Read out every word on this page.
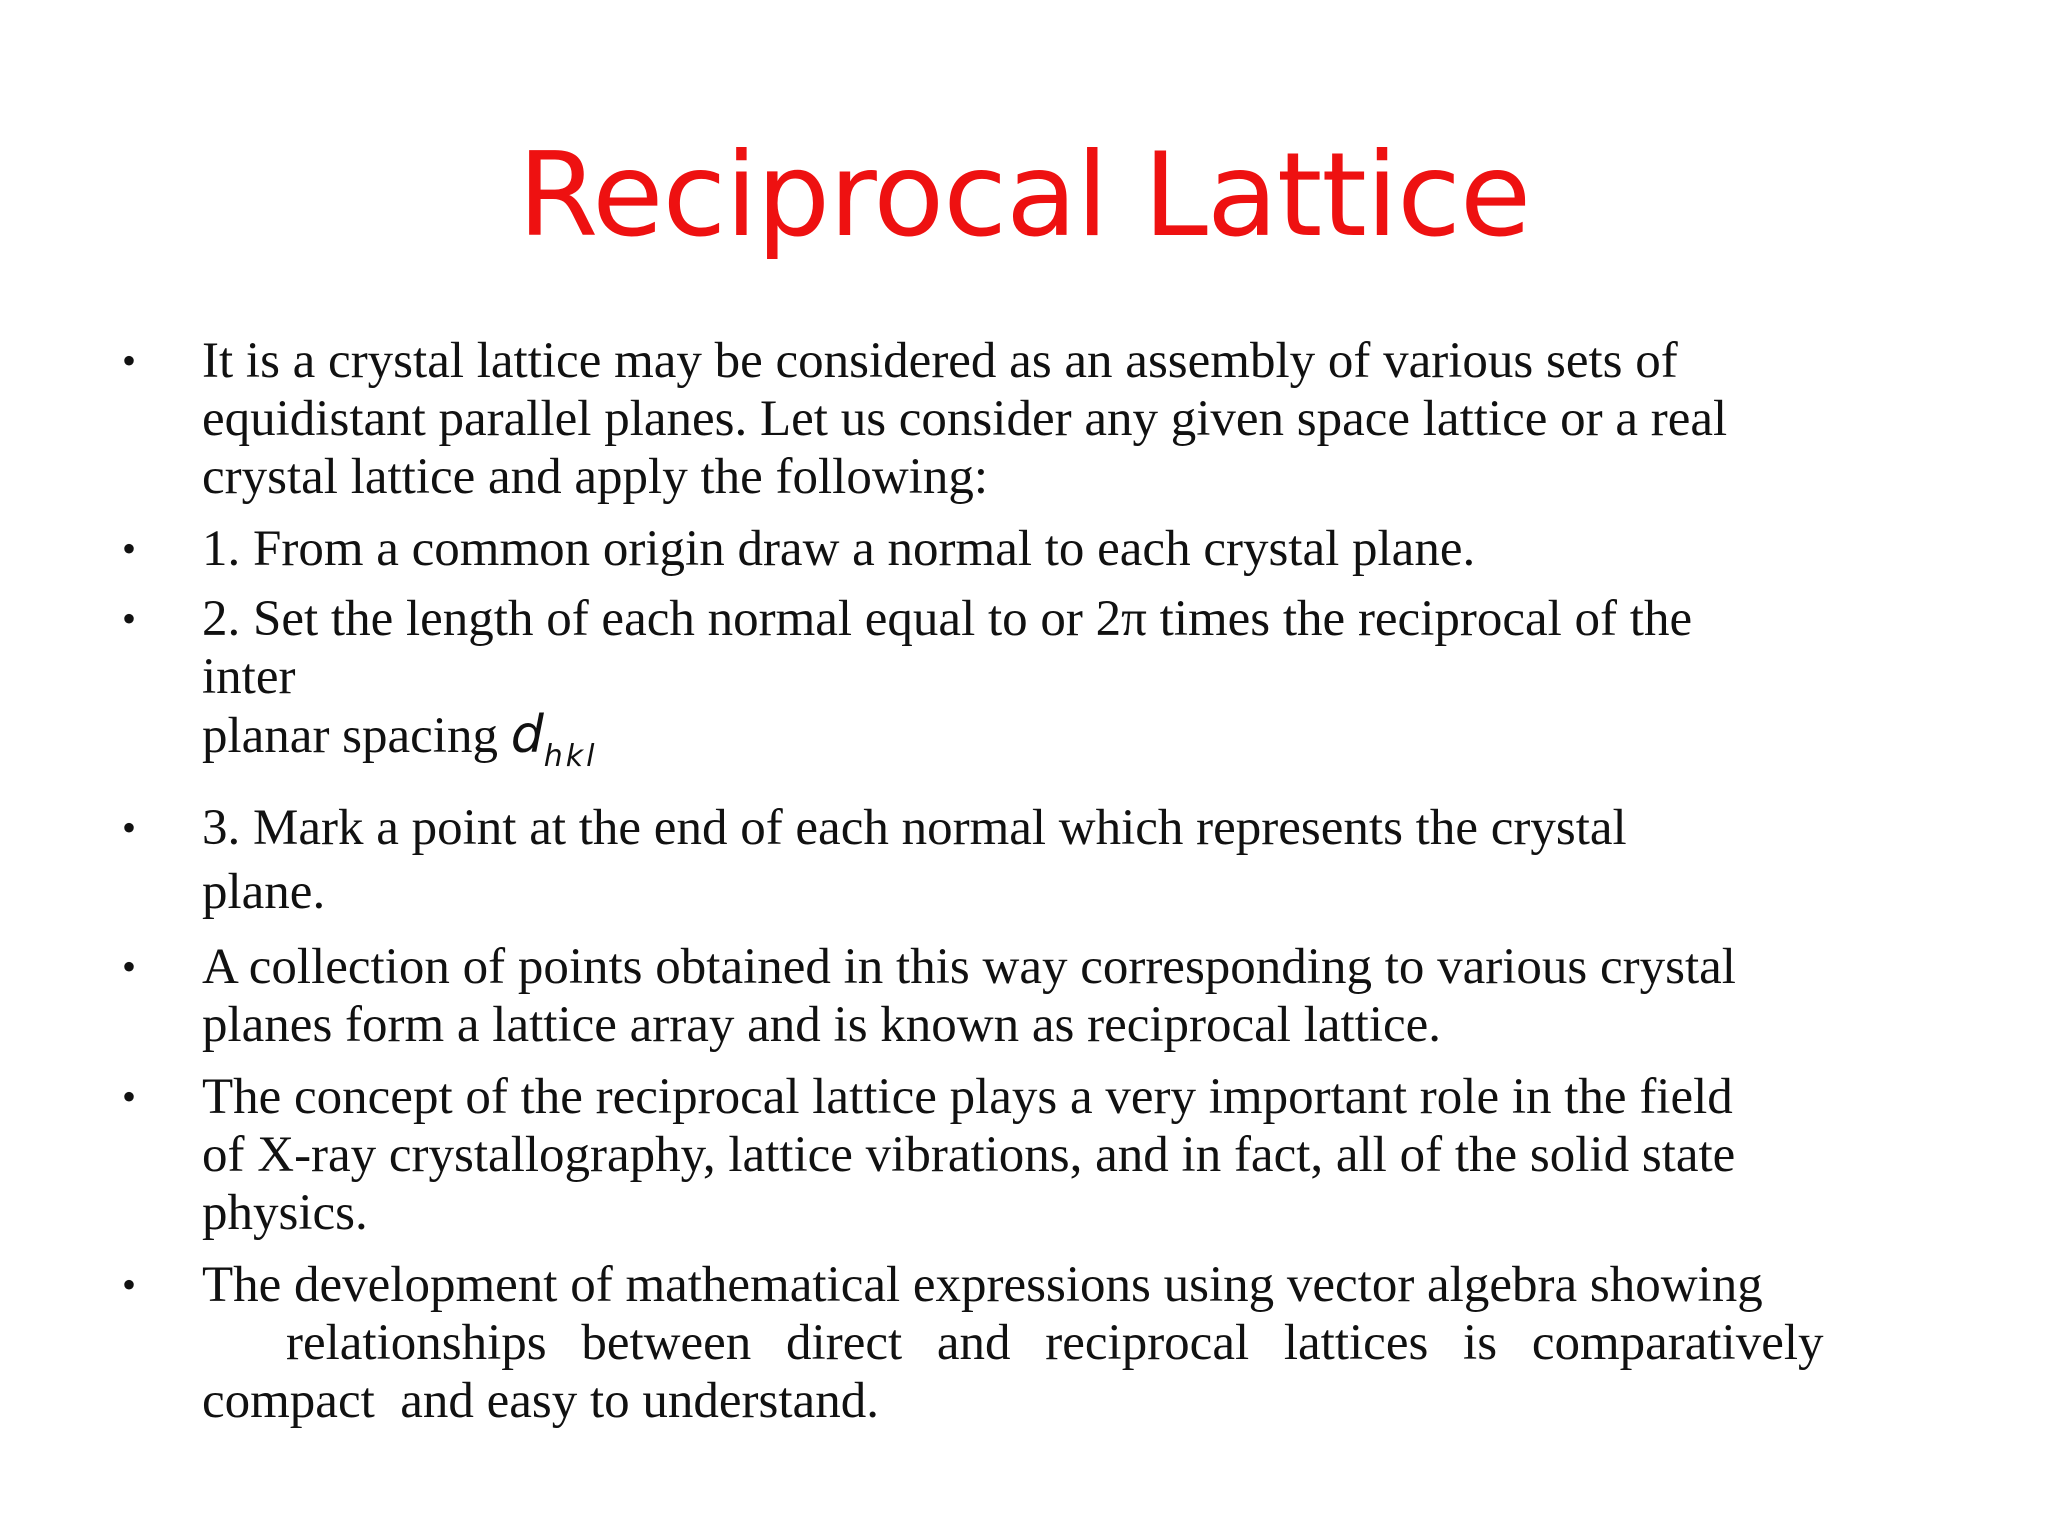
Reciprocal Lattice
•	It is a crystal lattice may be considered as an assembly of various sets of
equidistant parallel planes. Let us consider any given space lattice or a real
crystal lattice and apply the following:
•	1. From a common origin draw a normal to each crystal plane.
•	2. Set the length of each normal equal to or 2π times the reciprocal of the
inter
planar spacing $d_{hkl}$
•	3. Mark a point at the end of each normal which represents the crystal
plane.
•	A collection of points obtained in this way corresponding to various crystal
planes form a lattice array and is known as reciprocal lattice.
•	The concept of the reciprocal lattice plays a very important role in the field
of X-ray crystallography, lattice vibrations, and in fact, all of the solid state
physics.
•	The development of mathematical expressions using vector algebra showing
relationships between direct and reciprocal lattices is comparatively
compact  and easy to understand.
